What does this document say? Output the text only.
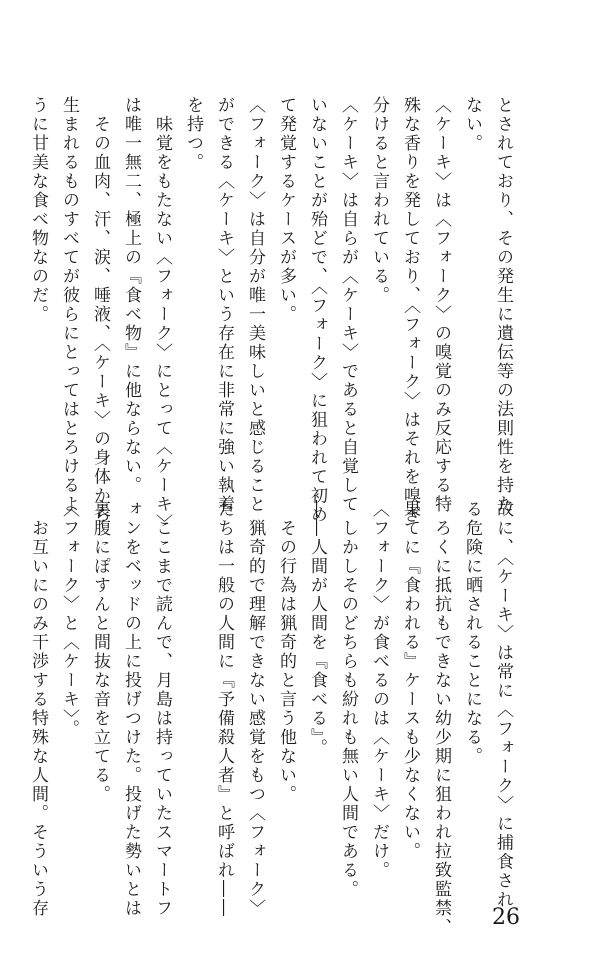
とされており、その発生に遺伝等の法則性を持た
ない。
〈ケーキ〉は〈フォーク〉の嗅覚のみ反応する特
殊な香りを発しており、〈フォーク〉はそれを嗅ぎ
分けると言われている。
〈ケーキ〉は自らが〈ケーキ〉であると自覚して
いないことが殆どで、〈フォーク〉に狙われて初め
て発覚するケースが多い。
〈フォーク〉は自分が唯一美味しいと感じること
ができる〈ケーキ〉という存在に非常に強い執着
を持つ。
　味覚をもたない〈フォーク〉にとって〈ケーキ〉
は唯一無二、極上の『食べ物』に他ならない。
　その血肉、汗、涙、唾液、〈ケーキ〉の身体から
生まれるものすべてが彼らにとってはとろけるよ
うに甘美な食べ物なのだ。
故に、〈ケーキ〉は常に〈フォーク〉に捕食され
る危険に晒されることになる。
　ろくに抵抗もできない幼少期に狙われ拉致監禁、
果てに『食われる』ケースも少なくない。
〈フォーク〉が食べるのは〈ケーキ〉だけ。
　しかしそのどちらも紛れも無い人間である。
――人間が人間を『食べる』。
　その行為は猟奇的と言う他ない。
　猟奇的で理解できない感覚をもつ〈フォーク〉
たちは一般の人間に『予備殺人者』と呼ばれ――
　ここまで読んで、月島は持っていたスマートフ
ォンをベッドの上に投げつけた。投げた勢いとは
裏腹にぽすんと間抜な音を立てる。
〈フォーク〉と〈ケーキ〉。
　お互いにのみ干渉する特殊な人間。そういう存	26
